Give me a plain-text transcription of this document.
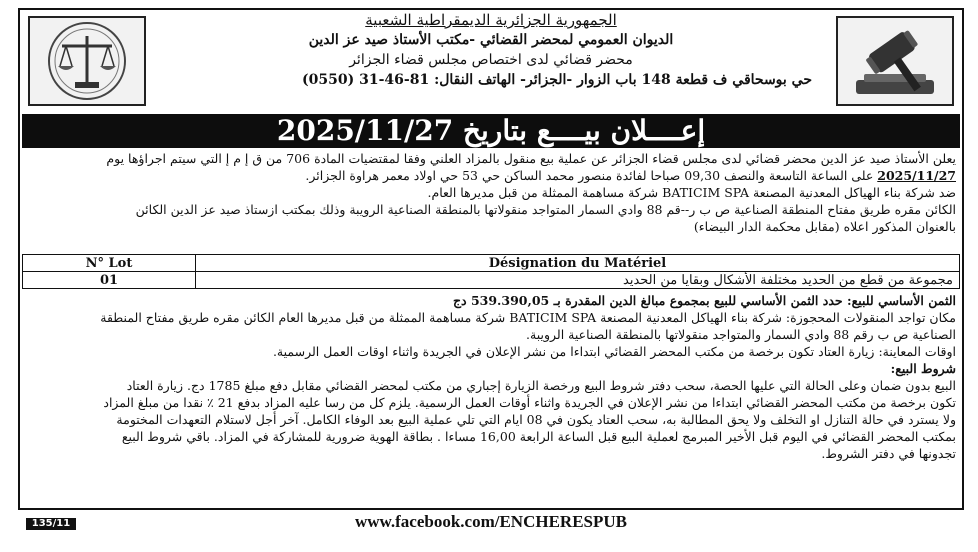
الجمهورية الجزائرية الديمقراطية الشعبية
الديوان العمومي لمحضر القضائي -مكتب الأستاذ صيد عز الدين
محضر قضائي لدى اختصاص مجلس قضاء الجزائر
حي بوسحاقي ف قطعة 148 باب الزوار -الجزائر- الهاتف النقال: 81-46-31 (0550)
إعــــلان بيــــع بتاريخ 2025/11/27
يعلن الأستاذ صيد عز الدين محضر قضائي لدى مجلس قضاء الجزائر عن عملية بيع منقول بالمزاد العلني وفقا لمقتضيات المادة 706 من ق إ م إ التي سيتم اجراؤها يوم
2025/11/27 على الساعة التاسعة والنصف 09,30 صباحا لفائدة منصور محمد الساكن حي 53 حي اولاد معمر هراوة الجزائر.
ضد شركة بناء الهياكل المعدنية المصنعة BATICIM SPA شركة مساهمة الممثلة من قبل مديرها العام.
الكائن مقره طريق مفتاح المنطقة الصناعية ص ب ر--قم 88 وادي السمار المتواجد منقولاتها بالمنطقة الصناعية الرويبة وذلك بمكتب ازستاذ صيد عز الدين الكائن
بالعنوان المذكور اعلاه (مقابل محكمة الدار البيضاء)
N° Lot	Désignation du Matériel
01	مجموعة من قطع من الحديد مختلفة الأشكال وبقايا من الحديد
الثمن الأساسي للبيع: حدد الثمن الأساسي للبيع بمجموع مبالغ الدين المقدرة بـ 539.390,05 دج
مكان تواجد المنقولات المحجوزة: شركة بناء الهياكل المعدنية المصنعة BATICIM SPA شركة مساهمة الممثلة من قبل مديرها العام الكائن مقره طريق مفتاح المنطقة
الصناعية ص ب رقم 88 وادي السمار والمتواجد منقولاتها بالمنطقة الصناعية الرويبة.
اوقات المعاينة: زيارة العتاد تكون برخصة من مكتب المحضر القضائي ابتداءا من نشر الإعلان في الجريدة واثناء اوقات العمل الرسمية.
شروط البيع:
البيع بدون ضمان وعلى الحالة التي عليها الحصة، سحب دفتر شروط البيع ورخصة الزيارة إجباري من مكتب لمحضر القضائي مقابل دفع مبلغ 1785 دج. زيارة العتاد
تكون برخصة من مكتب المحضر القضائي ابتداءا من نشر الإعلان في الجريدة واثناء أوقات العمل الرسمية. يلزم كل من رسا عليه المزاد بدفع 21 ٪ نقدا من مبلغ المزاد
ولا يسترد في حالة التنازل او التخلف ولا يحق المطالبة به، سحب العتاد يكون في 08 ايام التي تلي عملية البيع بعد الوفاء الكامل. آخر أجل لاستلام التعهدات المختومة
بمكتب المحضر القضائي في اليوم قبل الأخير المبرمج لعملية البيع قبل الساعة الرابعة 16,00 مساءا . بطاقة الهوية ضرورية للمشاركة في المزاد. باقي شروط البيع
تجدونها في دفتر الشروط.
135/11	www.facebook.com/ENCHERESPUB
